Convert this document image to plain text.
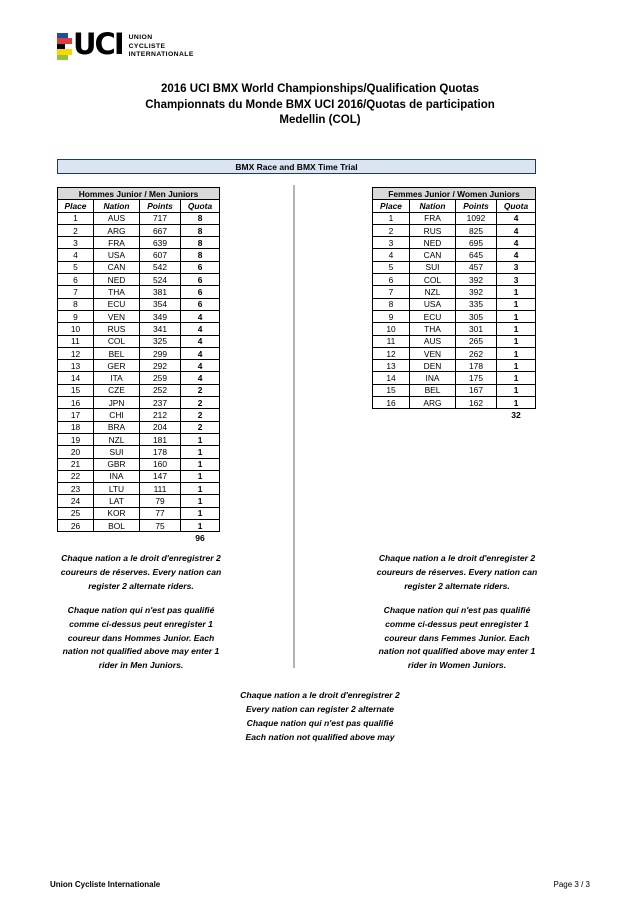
UCI UNION
CYCLISTE
INTERNATIONALE
2016 UCI BMX World Championships/Qualification Quotas
Championnats du Monde BMX UCI 2016/Quotas de participation
Medellin (COL)
BMX Race and BMX Time Trial
Hommes Junior / Men Juniors			
Place	Nation	Points	Quota
1	AUS	717	8
2	ARG	667	8
3	FRA	639	8
4	USA	607	8
5	CAN	542	6
6	NED	524	6
7	THA	381	6
8	ECU	354	6
9	VEN	349	4
10	RUS	341	4
11	COL	325	4
12	BEL	299	4
13	GER	292	4
14	ITA	259	4
15	CZE	252	2
16	JPN	237	2
17	CHI	212	2
18	BRA	204	2
19	NZL	181	1
20	SUI	178	1
21	GBR	160	1
22	INA	147	1
23	LTU	111	1
24	LAT	79	1
25	KOR	77	1
26	BOL	75	1
96
Femmes Junior / Women Juniors			
Place	Nation	Points	Quota
1	FRA	1092	4
2	RUS	825	4
3	NED	695	4
4	CAN	645	4
5	SUI	457	3
6	COL	392	3
7	NZL	392	1
8	USA	335	1
9	ECU	305	1
10	THA	301	1
11	AUS	265	1
12	VEN	262	1
13	DEN	178	1
14	INA	175	1
15	BEL	167	1
16	ARG	162	1
32
Chaque nation a le droit d'enregistrer 2 coureurs de réserves. Every nation can register 2 alternate riders.
Chaque nation qui n'est pas qualifié comme ci-dessus peut enregister 1 coureur dans Hommes Junior. Each nation not qualified above may enter 1 rider in Men Juniors.
Chaque nation a le droit d'enregister 2 coureurs de réserves. Every nation can register 2 alternate riders.
Chaque nation qui n'est pas qualifié comme ci-dessus peut enregister 1 coureur dans Femmes Junior. Each nation not qualified above may enter 1 rider in Women Juniors.
Chaque nation a le droit d'enregistrer 2
Every nation can register 2 alternate
Chaque nation qui n'est pas qualifié
Each nation not qualified above may
Union Cycliste Internationale	Page 3 / 3
